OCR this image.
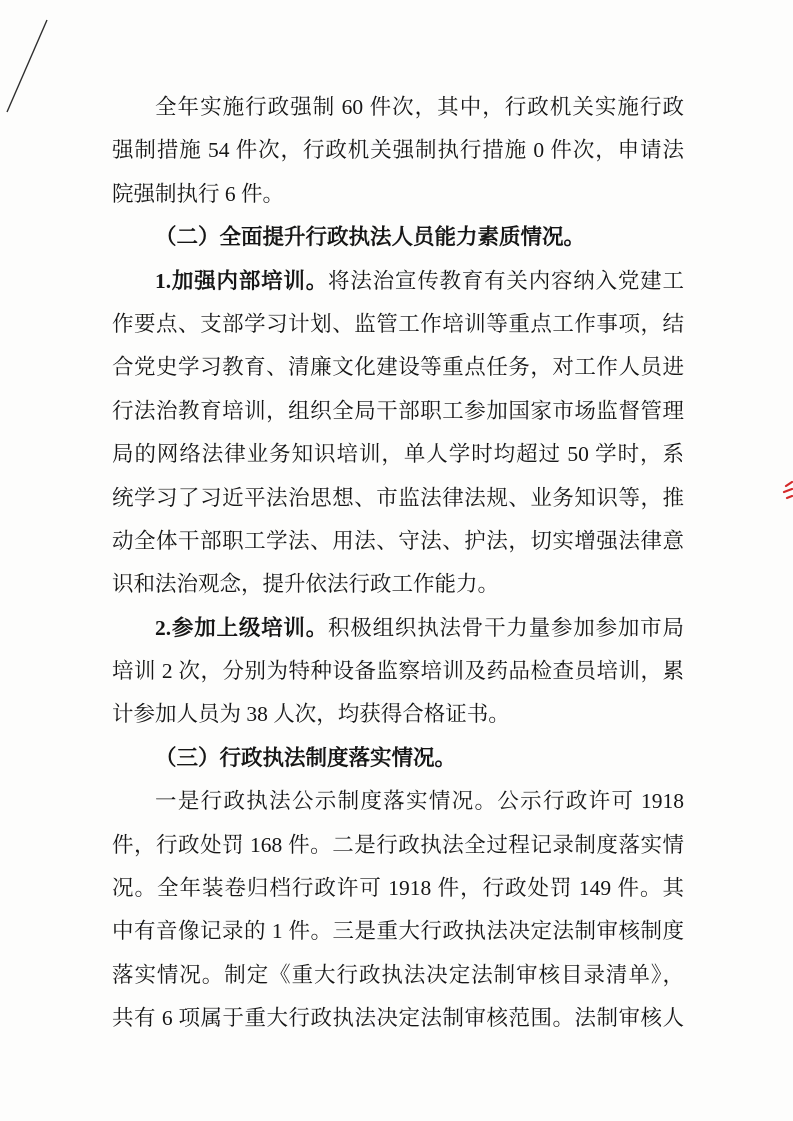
全年实施行政强制 60 件次，其中，行政机关实施行政
强制措施 54 件次，行政机关强制执行措施 0 件次，申请法
院强制执行 6 件。
（二）全面提升行政执法人员能力素质情况。
1.加强内部培训。将法治宣传教育有关内容纳入党建工
作要点、支部学习计划、监管工作培训等重点工作事项，结
合党史学习教育、清廉文化建设等重点任务，对工作人员进
行法治教育培训，组织全局干部职工参加国家市场监督管理
局的网络法律业务知识培训，单人学时均超过 50 学时，系
统学习了习近平法治思想、市监法律法规、业务知识等，推
动全体干部职工学法、用法、守法、护法，切实增强法律意
识和法治观念，提升依法行政工作能力。
2.参加上级培训。积极组织执法骨干力量参加参加市局
培训 2 次，分别为特种设备监察培训及药品检查员培训，累
计参加人员为 38 人次，均获得合格证书。
（三）行政执法制度落实情况。
一是行政执法公示制度落实情况。公示行政许可 1918
件，行政处罚 168 件。二是行政执法全过程记录制度落实情
况。全年装卷归档行政许可 1918 件，行政处罚 149 件。其
中有音像记录的 1 件。三是重大行政执法决定法制审核制度
落实情况。制定《重大行政执法决定法制审核目录清单》，
共有 6 项属于重大行政执法决定法制审核范围。法制审核人
